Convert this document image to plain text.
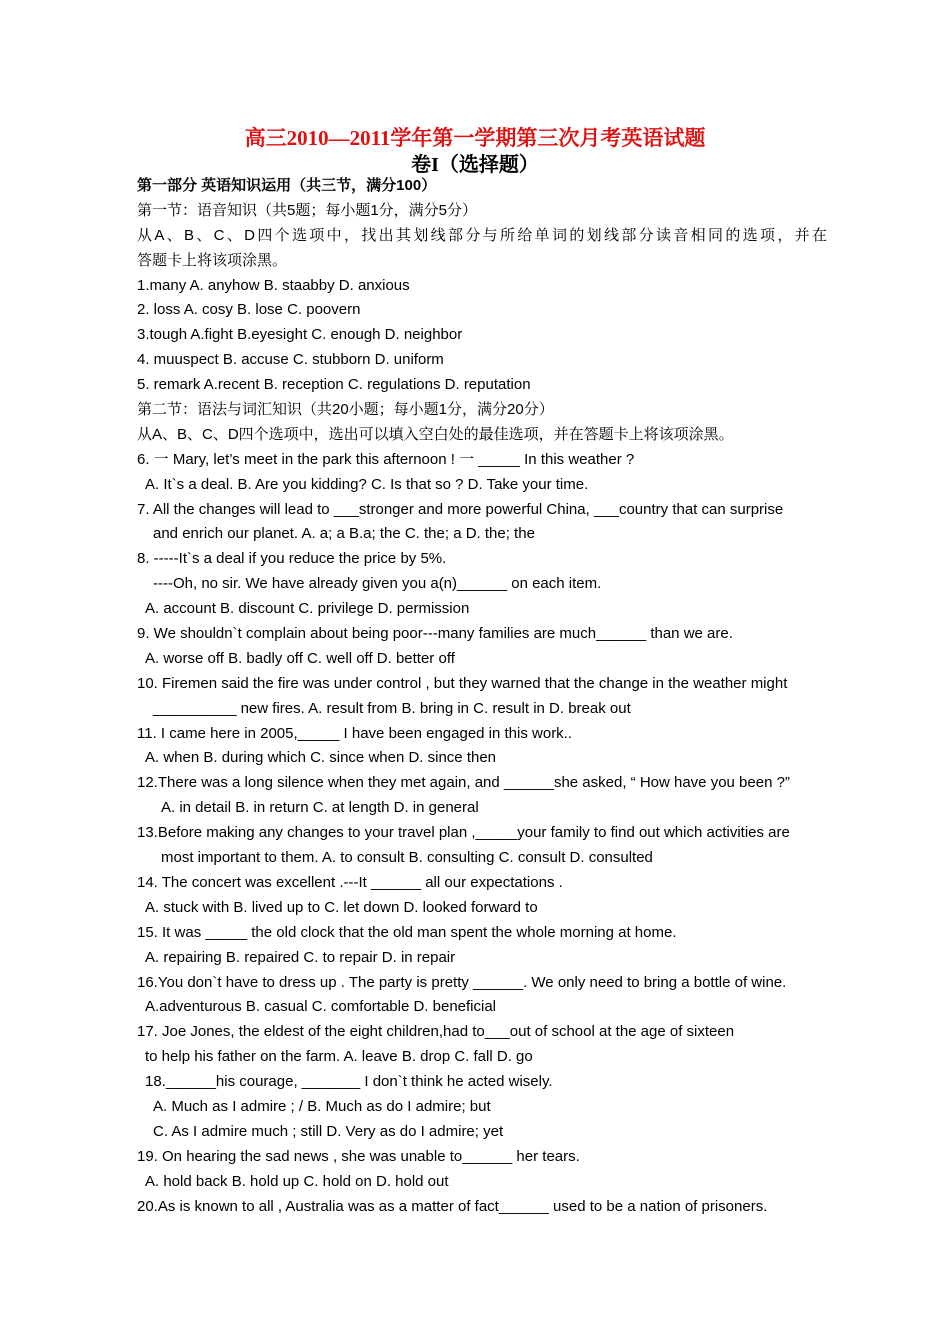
高三2010—2011学年第一学期第三次月考英语试题
卷I（选择题）
第一部分 英语知识运用（共三节，满分100）
第一节：语音知识（共5题；每小题1分，满分5分）
从A、B、C、D四个选项中，找出其划线部分与所给单词的划线部分读音相同的选项，并在
答题卡上将该项涂黑。
1.many A. anyhow B. staabby D. anxious
2. loss A. cosy B. lose C. poovern
3.tough A.fight B.eyesight C. enough D. neighbor
4. muuspect B. accuse C. stubborn D. uniform
5. remark A.recent B. reception C. regulations D. reputation
第二节：语法与词汇知识（共20小题；每小题1分，满分20分）
从A、B、C、D四个选项中，选出可以填入空白处的最佳选项，并在答题卡上将该项涂黑。
6. 一 Mary, let’s meet in the park this afternoon ! 一 _____ In this weather ?
A. It`s a deal. B. Are you kidding? C. Is that so ? D. Take your time.
7. All the changes will lead to ___stronger and more powerful China, ___country that can surprise
and enrich our planet. A. a; a B.a; the C. the; a D. the; the
8. -----It`s a deal if you reduce the price by 5%.
----Oh, no sir. We have already given you a(n)______ on each item.
A. account B. discount C. privilege D. permission
9. We shouldn`t complain about being poor---many families are much______ than we are.
A. worse off B. badly off C. well off D. better off
10. Firemen said the fire was under control , but they warned that the change in the weather might
__________ new fires. A. result from B. bring in C. result in D. break out
11. I came here in 2005,_____ I have been engaged in this work..
A. when B. during which C. since when D. since then
12.There was a long silence when they met again, and ______she asked, “ How have you been ?”
A. in detail B. in return C. at length D. in general
13.Before making any changes to your travel plan ,_____your family to find out which activities are
most important to them. A. to consult B. consulting C. consult D. consulted
14. The concert was excellent .---It ______ all our expectations .
A. stuck with B. lived up to C. let down D. looked forward to
15. It was _____ the old clock that the old man spent the whole morning at home.
A. repairing B. repaired C. to repair D. in repair
16.You don`t have to dress up . The party is pretty ______. We only need to bring a bottle of wine.
A.adventurous B. casual C. comfortable D. beneficial
17. Joe Jones, the eldest of the eight children,had to___out of school at the age of sixteen
to help his father on the farm. A. leave B. drop C. fall D. go
18.______his courage, _______ I don`t think he acted wisely.
A. Much as I admire ; / B. Much as do I admire; but
C. As I admire much ; still D. Very as do I admire; yet
19. On hearing the sad news , she was unable to______ her tears.
A. hold back B. hold up C. hold on D. hold out
20.As is known to all , Australia was as a matter of fact______ used to be a nation of prisoners.
